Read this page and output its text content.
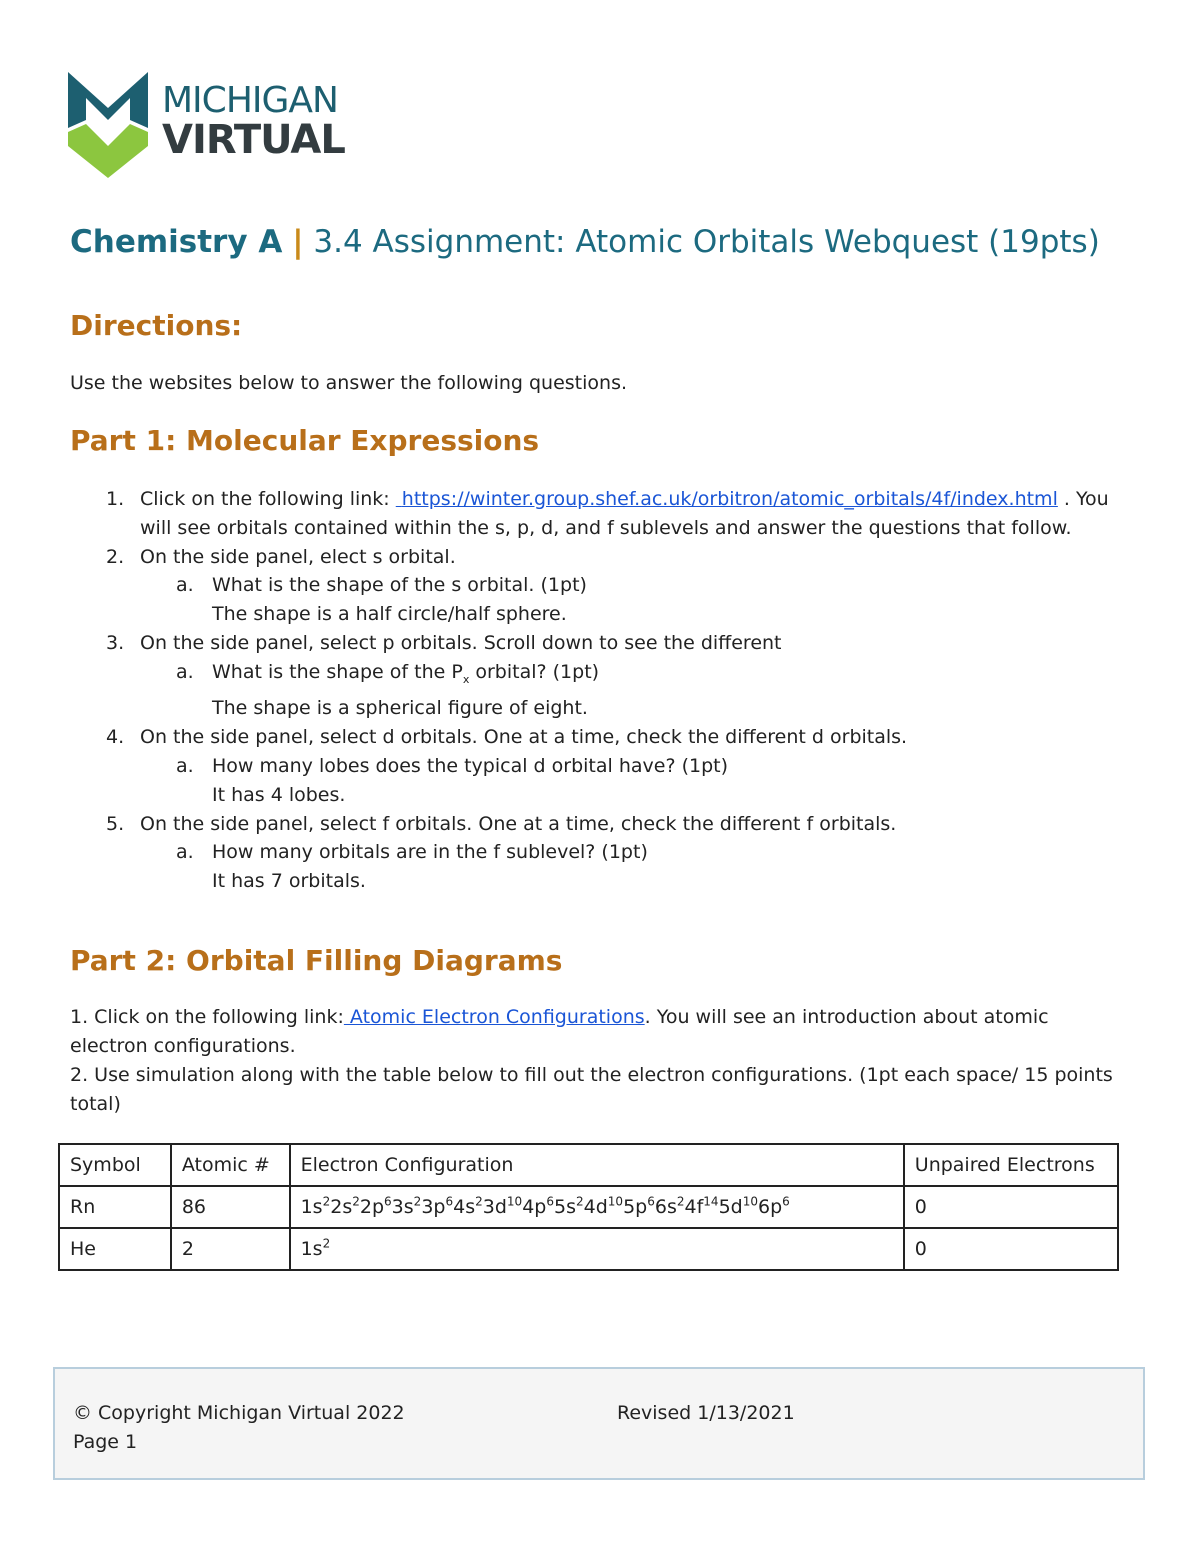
MICHIGAN
VIRTUAL
Chemistry A | 3.4 Assignment: Atomic Orbitals Webquest (19pts)
Directions:
Use the websites below to answer the following questions.
Part 1: Molecular Expressions
1. Click on the following link: https://winter.group.shef.ac.uk/orbitron/atomic_orbitals/4f/index.html . You will see orbitals contained within the s, p, d, and f sublevels and answer the questions that follow.
2. On the side panel, elect s orbital.
a. What is the shape of the s orbital. (1pt)
The shape is a half circle/half sphere.
3. On the side panel, select p orbitals. Scroll down to see the different
a. What is the shape of the $P_x$ orbital? (1pt)
The shape is a spherical figure of eight.
4. On the side panel, select d orbitals. One at a time, check the different d orbitals.
a. How many lobes does the typical d orbital have? (1pt)
It has 4 lobes.
5. On the side panel, select f orbitals. One at a time, check the different f orbitals.
a. How many orbitals are in the f sublevel? (1pt)
It has 7 orbitals.
Part 2: Orbital Filling Diagrams
1. Click on the following link: Atomic Electron Configurations. You will see an introduction about atomic electron configurations.
2. Use simulation along with the table below to fill out the electron configurations. (1pt each space/ 15 points total)
Symbol	Atomic #	Electron Configuration	Unpaired Electrons
Rn	86	$1s^22s^22p^63s^23p^64s^23d^{10}4p^65s^24d^{10}5p^66s^24f^{14}5d^{10}6p^6$	0
He	2	$1s^2$	0
© Copyright Michigan Virtual 2022
Page 1
Revised 1/13/2021
